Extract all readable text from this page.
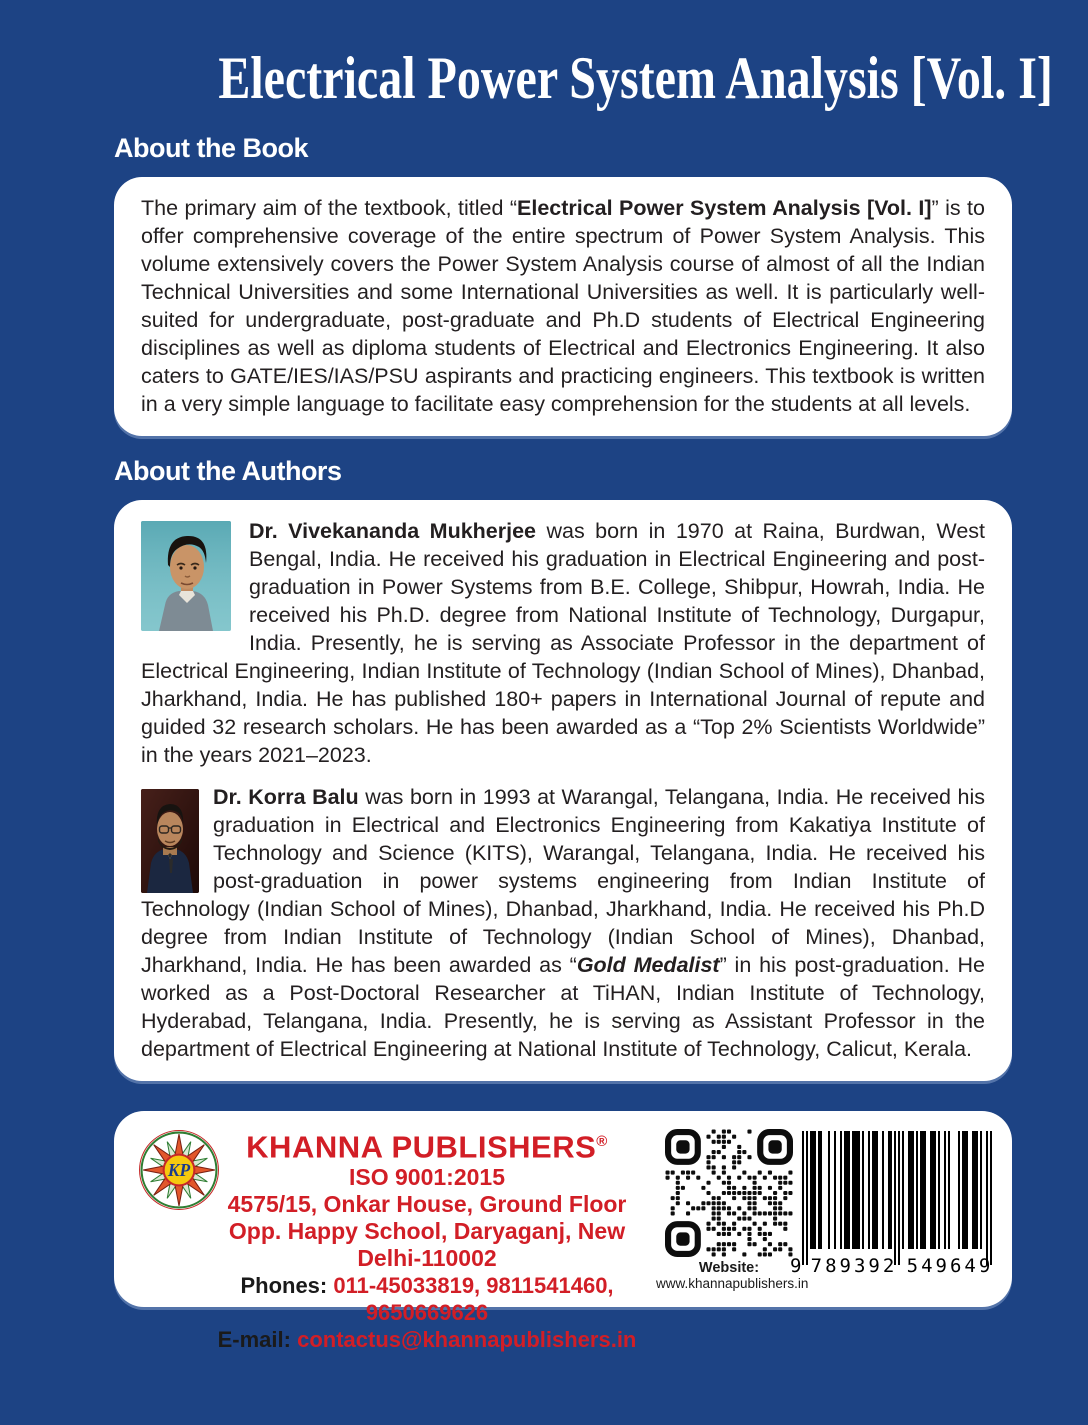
Electrical Power System Analysis [Vol. I]
About the Book

The primary aim of the textbook, titled “Electrical Power System Analysis [Vol. I]” is to offer comprehensive coverage of the entire spectrum of Power System Analysis. This volume extensively covers the Power System Analysis course of almost of all the Indian Technical Universities and some International Universities as well. It is particularly well-suited for undergraduate, post-graduate and Ph.D students of Electrical Engineering disciplines as well as diploma students of Electrical and Electronics Engineering. It also caters to GATE/IES/IAS/PSU aspirants and practicing engineers. This textbook is written in a very simple language to facilitate easy comprehension for the students at all levels.

About the Authors

Dr. Vivekananda Mukherjee was born in 1970 at Raina, Burdwan, West Bengal, India. He received his graduation in Electrical Engineering and post-graduation in Power Systems from B.E. College, Shibpur, Howrah, India. He received his Ph.D. degree from National Institute of Technology, Durgapur, India. Presently, he is serving as Associate Professor in the department of Electrical Engineering, Indian Institute of Technology (Indian School of Mines), Dhanbad, Jharkhand, India. He has published 180+ papers in International Journal of repute and guided 32 research scholars. He has been awarded as a “Top 2% Scientists Worldwide” in the years 2021–2023.

Dr. Korra Balu was born in 1993 at Warangal, Telangana, India. He received his graduation in Electrical and Electronics Engineering from Kakatiya Institute of Technology and Science (KITS), Warangal, Telangana, India. He received his post-graduation in power systems engineering from Indian Institute of Technology (Indian School of Mines), Dhanbad, Jharkhand, India. He received his Ph.D degree from Indian Institute of Technology (Indian School of Mines), Dhanbad, Jharkhand, India. He has been awarded as “Gold Medalist” in his post-graduation. He worked as a Post-Doctoral Researcher at TiHAN, Indian Institute of Technology, Hyderabad, Telangana, India. Presently, he is serving as Assistant Professor in the department of Electrical Engineering at National Institute of Technology, Calicut, Kerala.

KP
KHANNA PUBLISHERS®
ISO 9001:2015
4575/15, Onkar House, Ground Floor
Opp. Happy School, Daryaganj, New Delhi-110002
Phones: 011-45033819, 9811541460, 9650669626
E-mail: contactus@khannapublishers.in
Website:
www.khannapublishers.in
9 789392 549649
